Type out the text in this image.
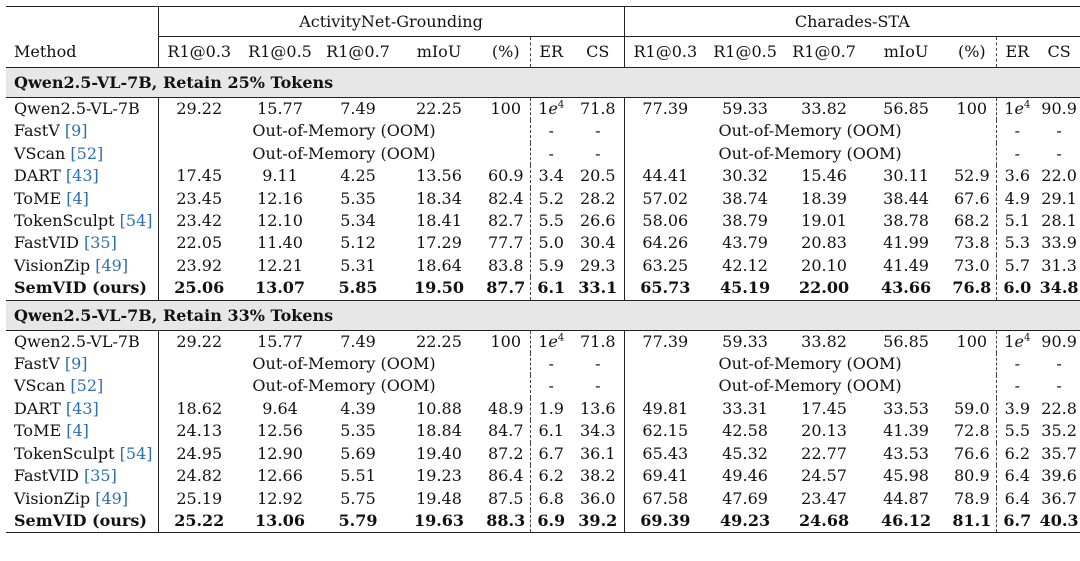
	ActivityNet-Grounding							Charades-STA						
Method	R1@0.3	R1@0.5	R1@0.7	mIoU	(%)	ER	CS	R1@0.3	R1@0.5	R1@0.7	mIoU	(%)	ER	CS
Qwen2.5-VL-7B, Retain 25% Tokens														
Qwen2.5-VL-7B	29.22	15.77	7.49	22.25	100	$1e^4$	71.8	77.39	59.33	33.82	56.85	100	$1e^4$	90.9
FastV [9]	Out-of-Memory (OOM)					-	-	Out-of-Memory (OOM)					-	-
VScan [52]	Out-of-Memory (OOM)					-	-	Out-of-Memory (OOM)					-	-
DART [43]	17.45	9.11	4.25	13.56	60.9	3.4	20.5	44.41	30.32	15.46	30.11	52.9	3.6	22.0
ToME [4]	23.45	12.16	5.35	18.34	82.4	5.2	28.2	57.02	38.74	18.39	38.44	67.6	4.9	29.1
TokenSculpt [54]	23.42	12.10	5.34	18.41	82.7	5.5	26.6	58.06	38.79	19.01	38.78	68.2	5.1	28.1
FastVID [35]	22.05	11.40	5.12	17.29	77.7	5.0	30.4	64.26	43.79	20.83	41.99	73.8	5.3	33.9
VisionZip [49]	23.92	12.21	5.31	18.64	83.8	5.9	29.3	63.25	42.12	20.10	41.49	73.0	5.7	31.3
SemVID (ours)	25.06	13.07	5.85	19.50	87.7	6.1	33.1	65.73	45.19	22.00	43.66	76.8	6.0	34.8
Qwen2.5-VL-7B, Retain 33% Tokens														
Qwen2.5-VL-7B	29.22	15.77	7.49	22.25	100	$1e^4$	71.8	77.39	59.33	33.82	56.85	100	$1e^4$	90.9
FastV [9]	Out-of-Memory (OOM)					-	-	Out-of-Memory (OOM)					-	-
VScan [52]	Out-of-Memory (OOM)					-	-	Out-of-Memory (OOM)					-	-
DART [43]	18.62	9.64	4.39	10.88	48.9	1.9	13.6	49.81	33.31	17.45	33.53	59.0	3.9	22.8
ToME [4]	24.13	12.56	5.35	18.84	84.7	6.1	34.3	62.15	42.58	20.13	41.39	72.8	5.5	35.2
TokenSculpt [54]	24.95	12.90	5.69	19.40	87.2	6.7	36.1	65.43	45.32	22.77	43.53	76.6	6.2	35.7
FastVID [35]	24.82	12.66	5.51	19.23	86.4	6.2	38.2	69.41	49.46	24.57	45.98	80.9	6.4	39.6
VisionZip [49]	25.19	12.92	5.75	19.48	87.5	6.8	36.0	67.58	47.69	23.47	44.87	78.9	6.4	36.7
SemVID (ours)	25.22	13.06	5.79	19.63	88.3	6.9	39.2	69.39	49.23	24.68	46.12	81.1	6.7	40.3
